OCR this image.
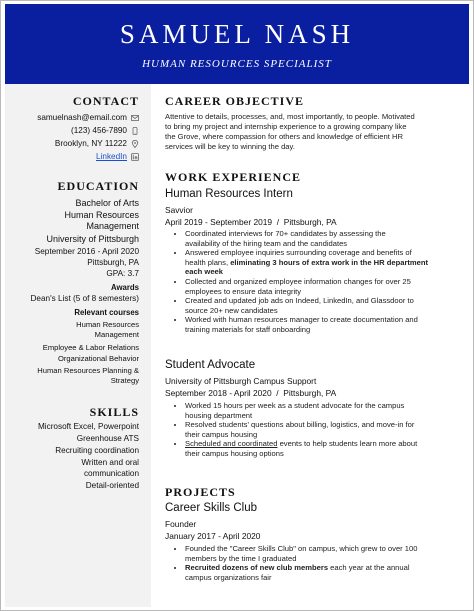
SAMUEL NASH
HUMAN RESOURCES SPECIALIST
CONTACT
samuelnash@email.com
(123) 456-7890
Brooklyn, NY 11222
LinkedIn
EDUCATION
Bachelor of Arts
Human Resources
Management
University of Pittsburgh
September 2016 - April 2020
Pittsburgh, PA
GPA: 3.7
Awards
Dean's List (5 of 8 semesters)
Relevant courses
Human Resources
Management
Employee & Labor Relations
Organizational Behavior
Human Resources Planning &
Strategy
SKILLS
Microsoft Excel, Powerpoint
Greenhouse ATS
Recruiting coordination
Written and oral
communication
Detail-oriented
CAREER OBJECTIVE
Attentive to details, processes, and, most importantly, to people. Motivated
to bring my project and internship experience to a growing company like
the Grove, where compassion for others and knowledge of efficient HR
services will be key to winning the day.
WORK EXPERIENCE
Human Resources Intern
Savvior
April 2019 - September 2019 / Pittsburgh, PA
• Coordinated interviews for 70+ candidates by assessing the
availability of the hiring team and the candidates
• Answered employee inquiries surrounding coverage and benefits of
health plans, eliminating 3 hours of extra work in the HR department
each week
• Collected and organized employee information changes for over 25
employees to ensure data integrity
• Created and updated job ads on Indeed, LinkedIn, and Glassdoor to
source 20+ new candidates
• Worked with human resources manager to create documentation and
training materials for staff onboarding
Student Advocate
University of Pittsburgh Campus Support
September 2018 - April 2020 / Pittsburgh, PA
• Worked 15 hours per week as a student advocate for the campus
housing department
• Resolved students' questions about billing, logistics, and move-in for
their campus housing
• Scheduled and coordinated events to help students learn more about
their campus housing options
PROJECTS
Career Skills Club
Founder
January 2017 - April 2020
• Founded the "Career Skills Club" on campus, which grew to over 100
members by the time I graduated
• Recruited dozens of new club members each year at the annual
campus organizations fair
